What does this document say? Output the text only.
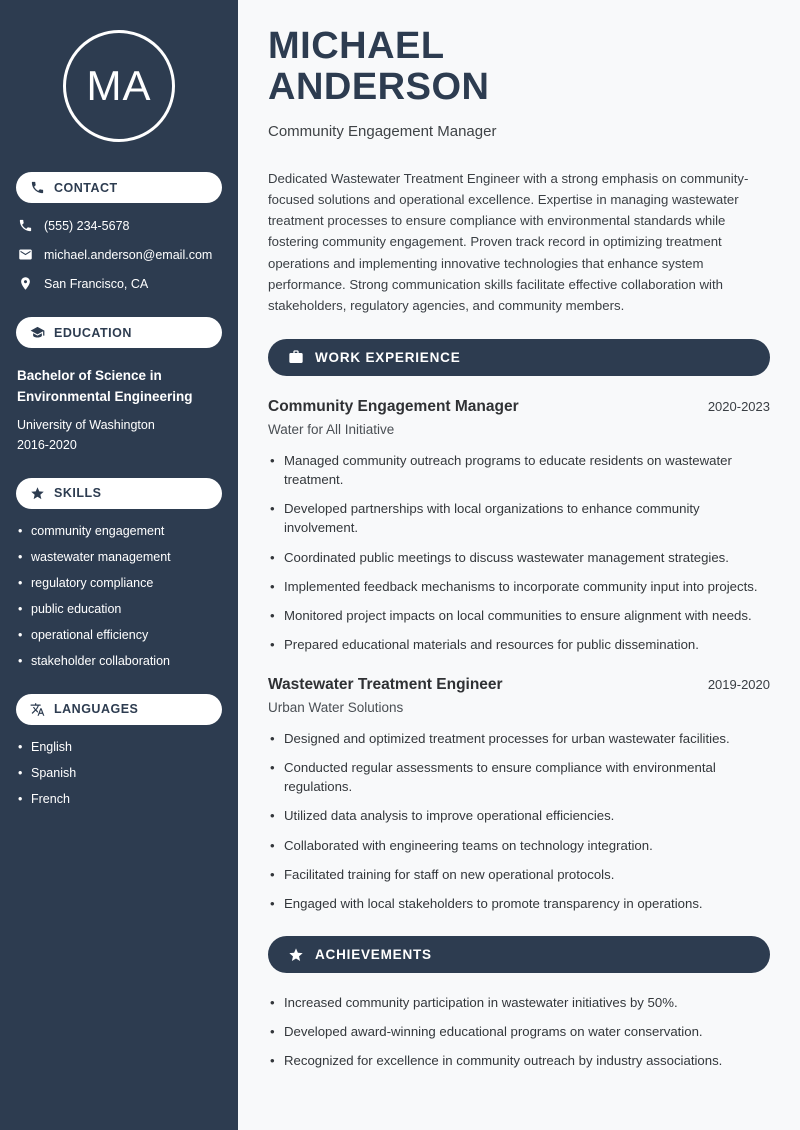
MA
CONTACT
(555) 234-5678
michael.anderson@email.com
San Francisco, CA
EDUCATION
Bachelor of Science in Environmental Engineering
University of Washington
2016-2020
SKILLS
• community engagement
• wastewater management
• regulatory compliance
• public education
• operational efficiency
• stakeholder collaboration
LANGUAGES
• English
• Spanish
• French
MICHAEL
ANDERSON
Community Engagement Manager

Dedicated Wastewater Treatment Engineer with a strong emphasis on community-focused solutions and operational excellence. Expertise in managing wastewater treatment processes to ensure compliance with environmental standards while fostering community engagement. Proven track record in optimizing treatment operations and implementing innovative technologies that enhance system performance. Strong communication skills facilitate effective collaboration with stakeholders, regulatory agencies, and community members.

WORK EXPERIENCE
Community Engagement Manager	2020-2023
Water for All Initiative
• Managed community outreach programs to educate residents on wastewater treatment.
• Developed partnerships with local organizations to enhance community involvement.
• Coordinated public meetings to discuss wastewater management strategies.
• Implemented feedback mechanisms to incorporate community input into projects.
• Monitored project impacts on local communities to ensure alignment with needs.
• Prepared educational materials and resources for public dissemination.
Wastewater Treatment Engineer	2019-2020
Urban Water Solutions
• Designed and optimized treatment processes for urban wastewater facilities.
• Conducted regular assessments to ensure compliance with environmental regulations.
• Utilized data analysis to improve operational efficiencies.
• Collaborated with engineering teams on technology integration.
• Facilitated training for staff on new operational protocols.
• Engaged with local stakeholders to promote transparency in operations.
ACHIEVEMENTS
• Increased community participation in wastewater initiatives by 50%.
• Developed award-winning educational programs on water conservation.
• Recognized for excellence in community outreach by industry associations.
